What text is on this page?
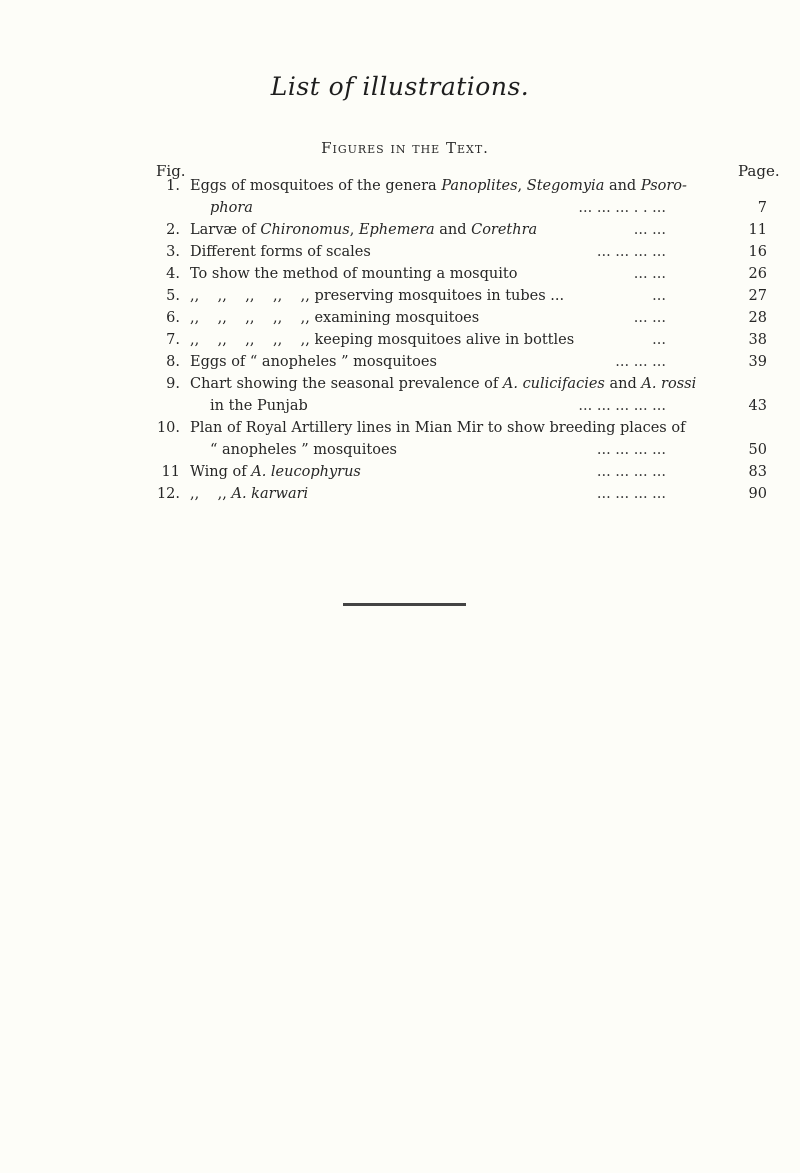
List of illustrations.
Figures in the Text.
Fig.	Page.
1. Eggs of mosquitoes of the genera Panoplites, Stegomyia and Psoro-
phora	... ... ... . . ...	7
2. Larvæ of Chironomus, Ephemera and Corethra	... ...	11
3. Different forms of scales	... ... ... ...	16
4. To show the method of mounting a mosquito	... ...	26
5. ,,    ,,    ,,    ,,    ,, preserving mosquitoes in tubes ...	...	27
6. ,,    ,,    ,,    ,,    ,, examining mosquitoes	... ...	28
7. ,,    ,,    ,,    ,,    ,, keeping mosquitoes alive in bottles	...	38
8. Eggs of “ anopheles ” mosquitoes	... ... ...	39
9. Chart showing the seasonal prevalence of A. culicifacies and A. rossi
in the Punjab	... ... ... ... ...	43
10. Plan of Royal Artillery lines in Mian Mir to show breeding places of
“ anopheles ” mosquitoes	... ... ... ...	50
11 Wing of A. leucophyrus	... ... ... ...	83
12. ,,    ,, A. karwari	... ... ... ...	90
